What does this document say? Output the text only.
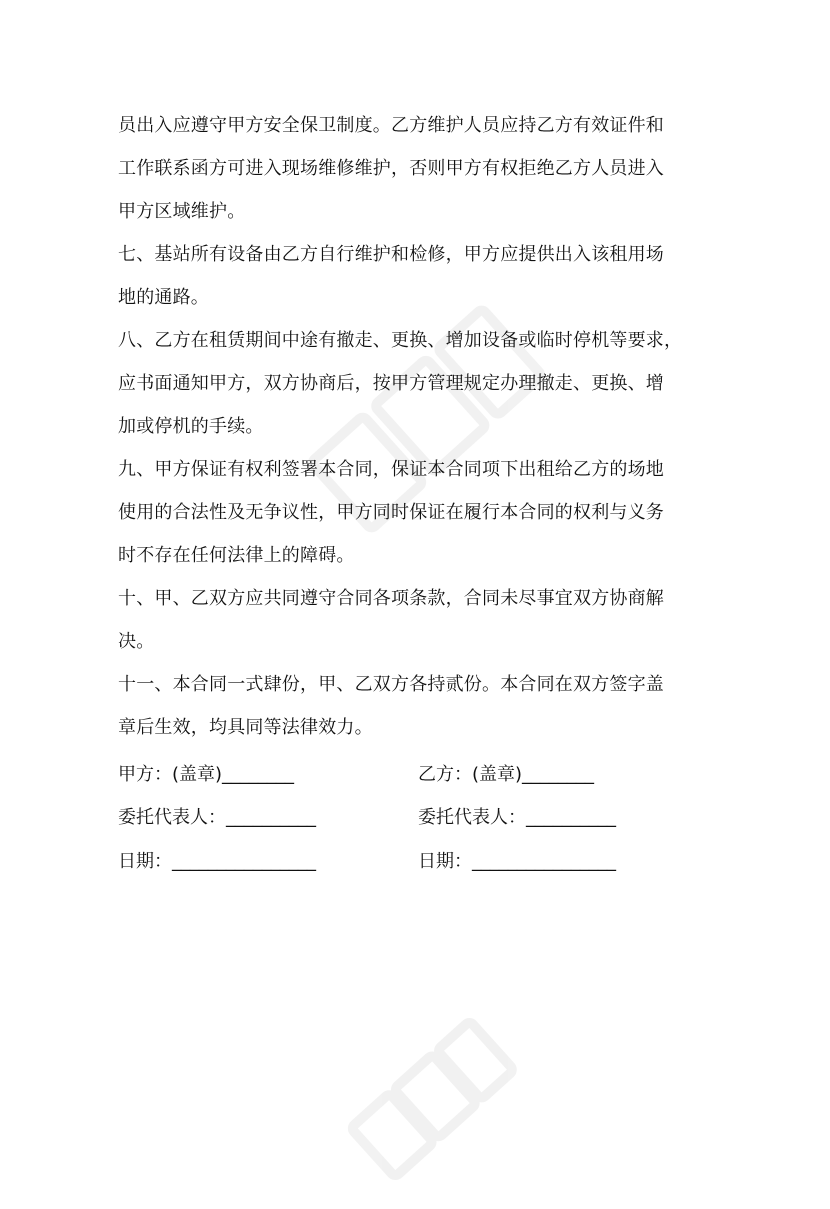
员出入应遵守甲方安全保卫制度。乙方维护人员应持乙方有效证件和
工作联系函方可进入现场维修维护，否则甲方有权拒绝乙方人员进入
甲方区域维护。
七、基站所有设备由乙方自行维护和检修，甲方应提供出入该租用场
地的通路。
八、乙方在租赁期间中途有撤走、更换、增加设备或临时停机等要求，
应书面通知甲方，双方协商后，按甲方管理规定办理撤走、更换、增
加或停机的手续。
九、甲方保证有权利签署本合同，保证本合同项下出租给乙方的场地
使用的合法性及无争议性，甲方同时保证在履行本合同的权利与义务
时不存在任何法律上的障碍。
十、甲、乙双方应共同遵守合同各项条款，合同未尽事宜双方协商解
决。
十一、本合同一式肆份，甲、乙双方各持贰份。本合同在双方签字盖
章后生效，均具同等法律效力。
甲方：(盖章)________	乙方：(盖章)________
委托代表人：__________	委托代表人：__________
日期：________________	日期：________________
